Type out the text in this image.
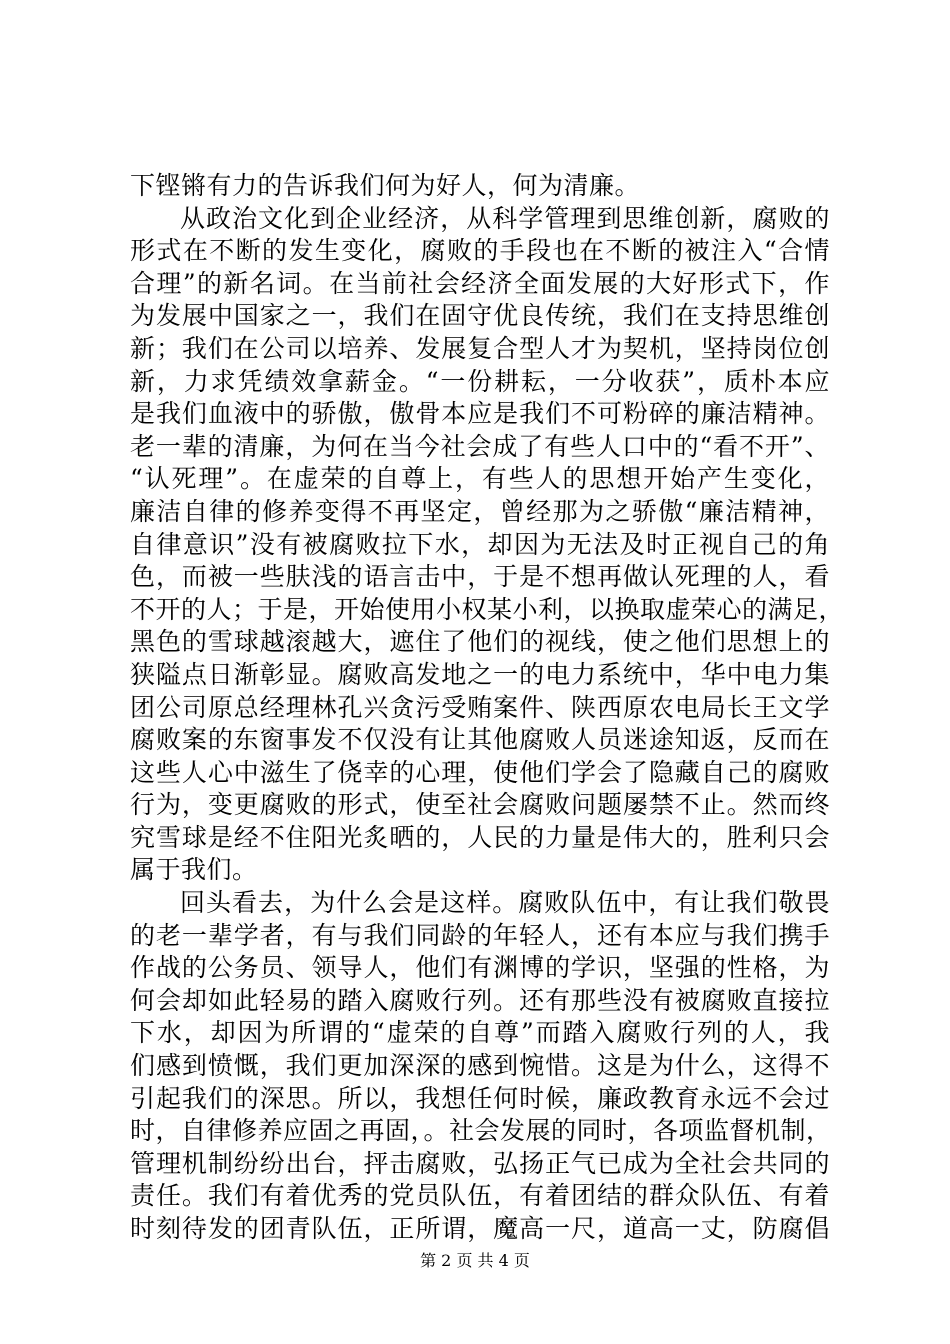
下铿锵有力的告诉我们何为好人，何为清廉。
从政治文化到企业经济，从科学管理到思维创新，腐败的
形式在不断的发生变化，腐败的手段也在不断的被注入“合情
合理”的新名词。在当前社会经济全面发展的大好形式下，作
为发展中国家之一，我们在固守优良传统，我们在支持思维创
新；我们在公司以培养、发展复合型人才为契机，坚持岗位创
新，力求凭绩效拿薪金。“一份耕耘，一分收获”，质朴本应
是我们血液中的骄傲，傲骨本应是我们不可粉碎的廉洁精神。
老一辈的清廉，为何在当今社会成了有些人口中的“看不开”、
“认死理”。在虚荣的自尊上，有些人的思想开始产生变化，
廉洁自律的修养变得不再坚定，曾经那为之骄傲“廉洁精神，
自律意识”没有被腐败拉下水，却因为无法及时正视自己的角
色，而被一些肤浅的语言击中，于是不想再做认死理的人，看
不开的人；于是，开始使用小权某小利，以换取虚荣心的满足，
黑色的雪球越滚越大，遮住了他们的视线，使之他们思想上的
狭隘点日渐彰显。腐败高发地之一的电力系统中，华中电力集
团公司原总经理林孔兴贪污受贿案件、陕西原农电局长王文学
腐败案的东窗事发不仅没有让其他腐败人员迷途知返，反而在
这些人心中滋生了侥幸的心理，使他们学会了隐藏自己的腐败
行为，变更腐败的形式，使至社会腐败问题屡禁不止。然而终
究雪球是经不住阳光炙晒的，人民的力量是伟大的，胜利只会
属于我们。
回头看去，为什么会是这样。腐败队伍中，有让我们敬畏
的老一辈学者，有与我们同龄的年轻人，还有本应与我们携手
作战的公务员、领导人，他们有渊博的学识，坚强的性格，为
何会却如此轻易的踏入腐败行列。还有那些没有被腐败直接拉
下水，却因为所谓的“虚荣的自尊”而踏入腐败行列的人，我
们感到愤慨，我们更加深深的感到惋惜。这是为什么，这得不
引起我们的深思。所以，我想任何时候，廉政教育永远不会过
时，自律修养应固之再固，。社会发展的同时，各项监督机制，
管理机制纷纷出台，抨击腐败，弘扬正气已成为全社会共同的
责任。我们有着优秀的党员队伍，有着团结的群众队伍、有着
时刻待发的团青队伍，正所谓，魔高一尺，道高一丈，防腐倡
第 2 页 共 4 页
